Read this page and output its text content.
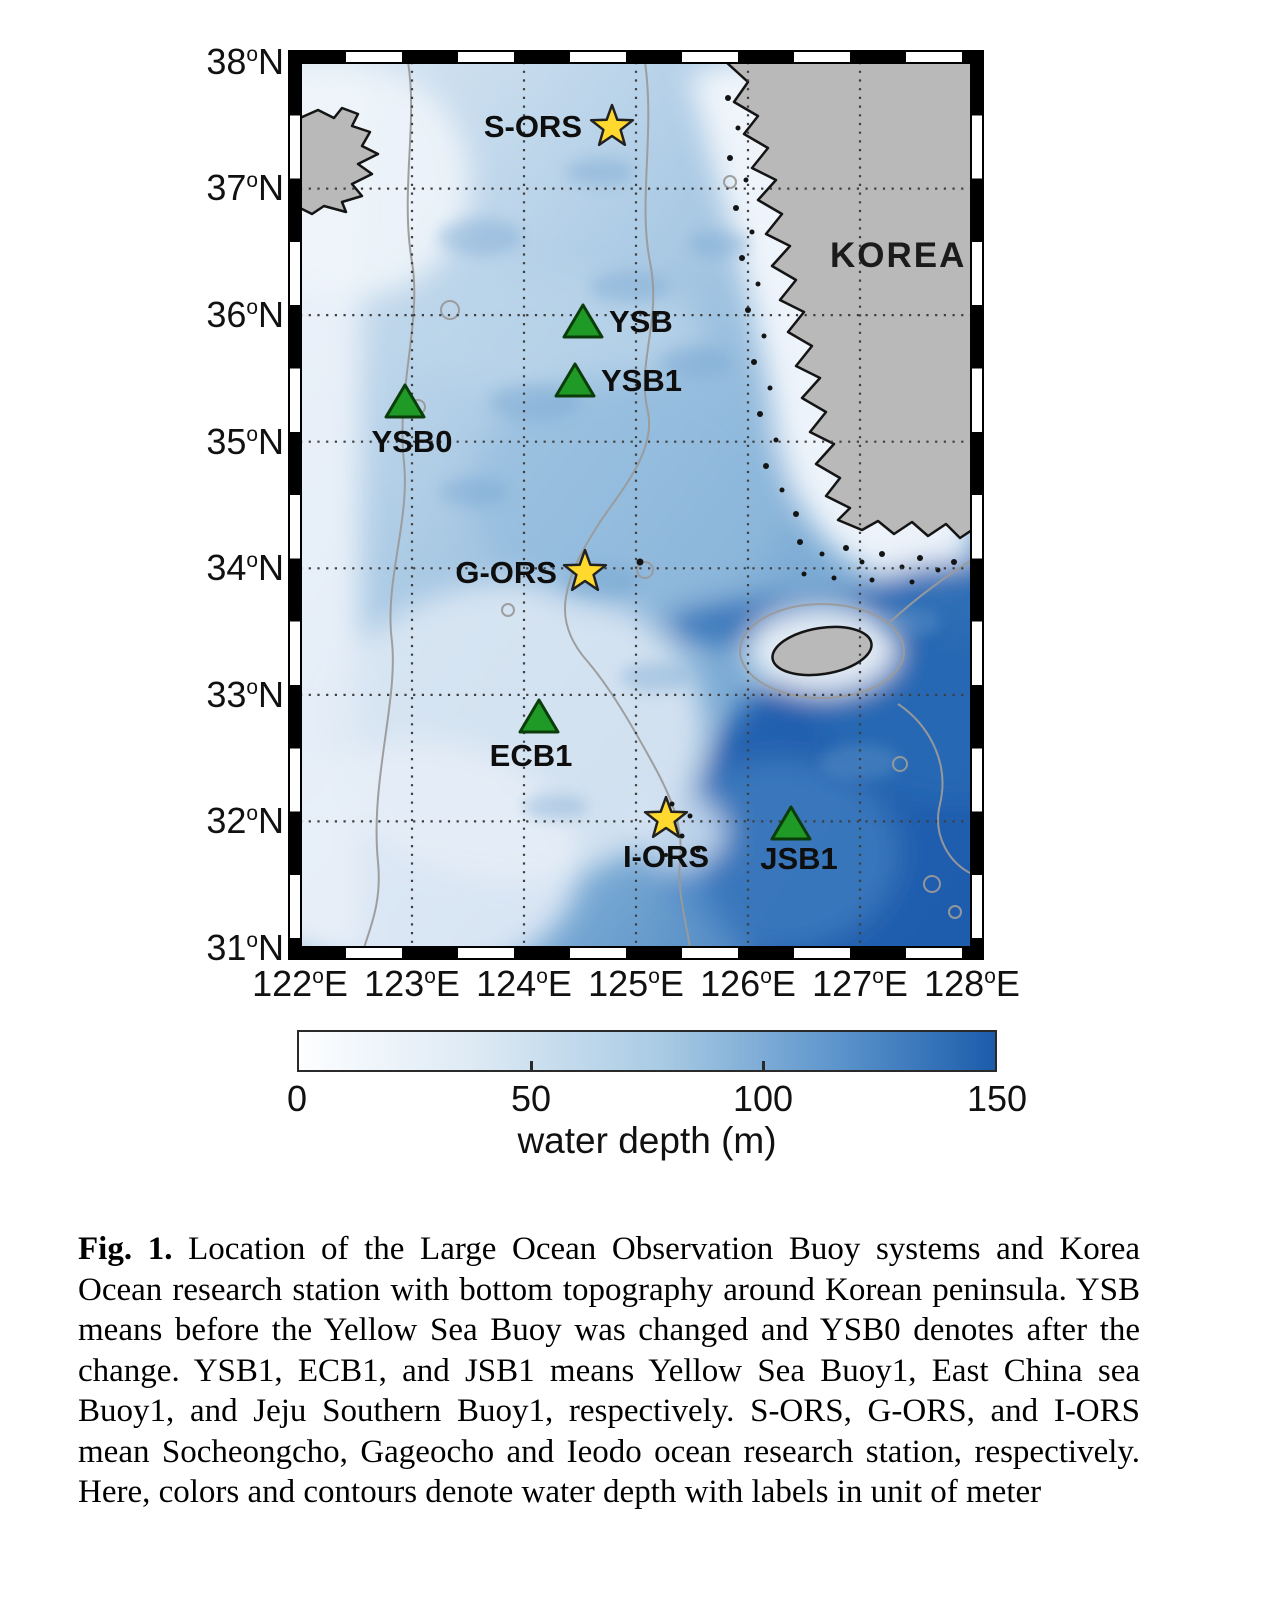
38$^o$N
37$^o$N
36$^o$N
35$^o$N
34$^o$N
33$^o$N
32$^o$N
31$^o$N
122$^o$E 123$^o$E 124$^o$E 125$^o$E 126$^o$E 127$^o$E 128$^o$E
KOREA
S-ORS
YSB
YSB1
YSB0
G-ORS
ECB1
I-ORS	JSB1
0	50	100	150
water depth (m)

Fig. 1. Location of the Large Ocean Observation Buoy systems and Korea Ocean research station with bottom topography around Korean peninsula. YSB means before the Yellow Sea Buoy was changed and YSB0 denotes after the change. YSB1, ECB1, and JSB1 means Yellow Sea Buoy1, East China sea Buoy1, and Jeju Southern Buoy1, respectively. S-ORS, G-ORS, and I-ORS mean Socheongcho, Gageocho and Ieodo ocean research station, respectively. Here, colors and contours denote water depth with labels in unit of meter
